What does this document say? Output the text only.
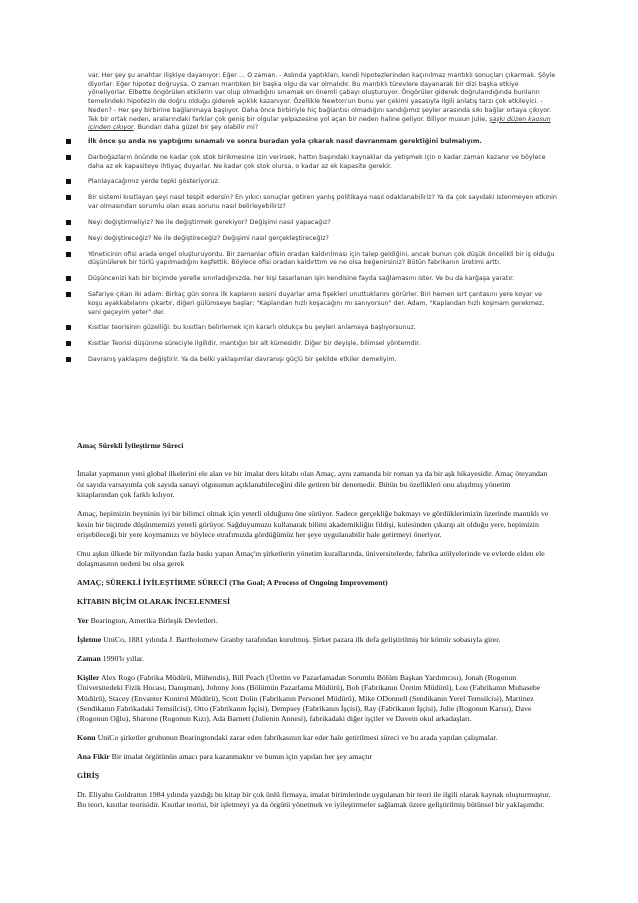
var. Her şey şu anahtar ilişkiye dayanıyor: Eğer … O zaman. - Aslında yaptıkları, kendi hipotezlerinden kaçınılmaz mantıklı sonuçları çıkarmak. Şöyle diyorlar: Eğer hipotez doğruysa, O zaman mantıken bir başka olgu da var olmalıdır. Bu mantıklı türevlere dayanarak bir dizi başka etkiye yöneliyorlar. Elbette öngörülen etkilerin var olup olmadığını sınamak en önemli çabayı oluşturuyor. Öngörüler giderek doğrulandığında bunların temelindeki hipotezin de doğru olduğu giderek açıklık kazanıyor. Özellikle Newton'un bunu yer çekimi yasasıyla ilgili anlatış tarzı çok etkileyici. - Neden? - Her şey birbirine bağlanmaya başlıyor. Daha önce birbiriyle hiç bağlantısı olmadığını sandığımız şeyler arasında sıkı bağlar ortaya çıkıyor. Tek bir ortak neden, aralarındaki farklar çok geniş bir olgular yelpazesine yol açan bir neden haline geliyor. Biliyor musun Julie, şaşkı düzen kaosun içinden çıkıyor. Bundan daha güzel bir şey olabilir mi?
İlk önce şu anda ne yaptığımı sınamalı ve sonra buradan yola çıkarak nasıl davranmam gerektiğini bulmalıyım.
Darboğazların önünde ne kadar çok stok birikmesine izin verirsek, hattın başındaki kaynaklar da yetişmek için o kadar zaman kazanır ve böylece daha az ek kapasiteye ihtiyaç duyarlar. Ne kadar çok stok olursa, o kadar az ek kapasite gerekir.
Planlayacağımız yerde tepki gösteriyoruz.
Bir sistemi kısıtlayan şeyi nasıl tespit edersin? En yıkıcı sonuçlar getiren yanlış politikaya nasıl odaklanabiliriz? Ya da çok sayıdaki istenmeyen etkinin var olmasından sorumlu olan esas sorunu nasıl belirleyebiliriz?
Neyi değiştirmeliyiz? Ne ile değiştirmek gerekiyor? Değişimi nasıl yapacağız?
Neyi değiştireceğiz? Ne ile değiştireceğiz? Değişimi nasıl gerçekleştireceğiz?
Yöneticinin ofisi arada engel oluşturuyordu. Bir zamanlar ofisin oradan kaldırılması için talep geldiğini, ancak bunun çok düşük öncelikli bir iş olduğu düşünülerek bir türlü yapılmadığını keşfettik. Böylece ofisi oradan kaldırttım ve ne olsa beğenirsiniz? Bütün fabrikanın üretimi arttı.
Düşüncenizi katı bir biçimde yerelle sınırladığınızda, her kişi tasarlanan işin kendisine fayda sağlamasını ister. Ve bu da karğaşa yaratır.
Safariye çıkan iki adam: Birkaç gün sonra ilk kaplanın sesini duyarlar ama fişekleri unuttuklarını görürler. Biri hemen sırt çantasını yere koyar ve koşu ayakkabılarını çıkartır, diğeri gülümseye başlar: "Kaplandan hızlı koşacağını mı sanıyorsun" der. Adam, "Kaplandan hızlı koşmam gerekmez, seni geçeyim yeter" der.
Kısıtlar teorisinin güzelliği: bu kısıtları belirlemek için kararlı oldukça bu şeyleri anlamaya başlıyorsunuz.
Kısıtlar Teorisi düşünme süreciyle ilgilidir, mantığın bir alt kümesidir. Diğer bir deyişle, bilimsel yöntemdir.
Davranış yaklaşımı değiştirir. Ya da belki yaklaşımlar davranışı güçlü bir şekilde etkiler demeliyim.

Amaç Sürekli İyileştirme Süreci

İmalat yapmanın yeni global ilkelerini ele alan ve bir imalat ders kitabı olan Amaç, aynı zamanda bir roman ya da bir aşk hikayesidir. Amaç öteyandan öz sayıda varsayımla çok sayıda sanayi olgusunun açıklanabileceğini dile getiren bir denemedir. Bütün bu özellikleri onu alışılmış yönetim kitaplarından çok farklı kılıyor.

Amaç, hepimizin beyninin iyi bir bilimci olmak için yeterli olduğunu öne sürüyor. Sadece gerçekliğe bakmayı ve gördüklerimizin üzerinde mantıklı ve kesin bir biçimde düşünmemizi yeterli görüyor. Sağduyumuzu kullanarak bilimi akademikliğin fildişi, kulesinden çıkarıp ait olduğu yere, hepimizin erişebileceği bir yere koymamızı ve böylece etrafımızda gördüğümüz her şeye uygulanabilir hale getirmeyi öneriyor.

Onu aşkın ülkede bir milyondan fazla baskı yapan Amaç'ın şirketlerin yönetim kurallarında, üniversitelerde, fabrika atölyelerinde ve evlerde elden ele dolaşmasının nedeni bu olsa gerek

AMAÇ; SÜREKLİ İYİLEŞTİRME SÜRECİ (The Goal; A Process of Ongoing Improvement)

KİTABIN BİÇİM OLARAK İNCELENMESİ

Yer Bearington, Amerika Birleşik Devletleri.

İşletme UniCo, 1881 yılında J. Bartholomew Granby tarafından kurulmuş. Şirket pazara ilk defa geliştirilmiş bir kömür sobasıyla girer.

Zaman 1990'lı yıllar.

Kişiler Alex Rogo (Fabrika Müdürü, Mühendis), Bill Peach (Üretim ve Pazarlamadan Sorumlu Bölüm Başkan Yardımcısı), Jonah (Rogonun Üniversitedeki Fizik Hocası, Danışman), Johnny Jons (Bölümün Pazarlama Müdürü), Bob (Fabrikanın Üretim Müdürü), Lou (Fabrikanın Muhasebe Müdürü), Stacey (Envanter Kontrol Müdürü), Scott Dolin (Fabrikanın Personel Müdürü), Mike ODonnell (Sendikanın Yerel Temsilcisi), Martinez (Sendikanın Fabrikadaki Temsilcisi), Otto (Fabrikanın İşçisi), Dempsey (Fabrikanın İşçisi), Ray (Fabrikanın İşçisi), Julie (Rogonun Karısı), Dave (Rogonun Oğlu), Sharone (Rogonun Kızı), Ada Barnett (Julienin Annesi), fabrikadaki diğer işçiler ve Davein okul arkadaşları.

Konu UniCo şirketler grubunun Bearingtondaki zarar eden fabrikasının kar eder hale getirilmesi süreci ve bu arada yapılan çalışmalar.

Ana Fikir Bir imalat örgütünün amacı para kazanmaktır ve bunun için yapılan her şey amaçtır

GİRİŞ

Dr. Eliyahu Goldrattın 1984 yılında yazdığı bu kitap bir çok ünlü firmaya, imalat birimlerinde uygulanan bir teori ile ilgili olarak kaynak oluşturmuştur. Bu teori, kısıtlar teorisidir. Kısıtlar teorisi, bir işletmeyi ya da örgütü yönetmek ve iyileştirmeler sağlamak üzere geliştirilmiş bütünsel bir yaklaşımdır.
